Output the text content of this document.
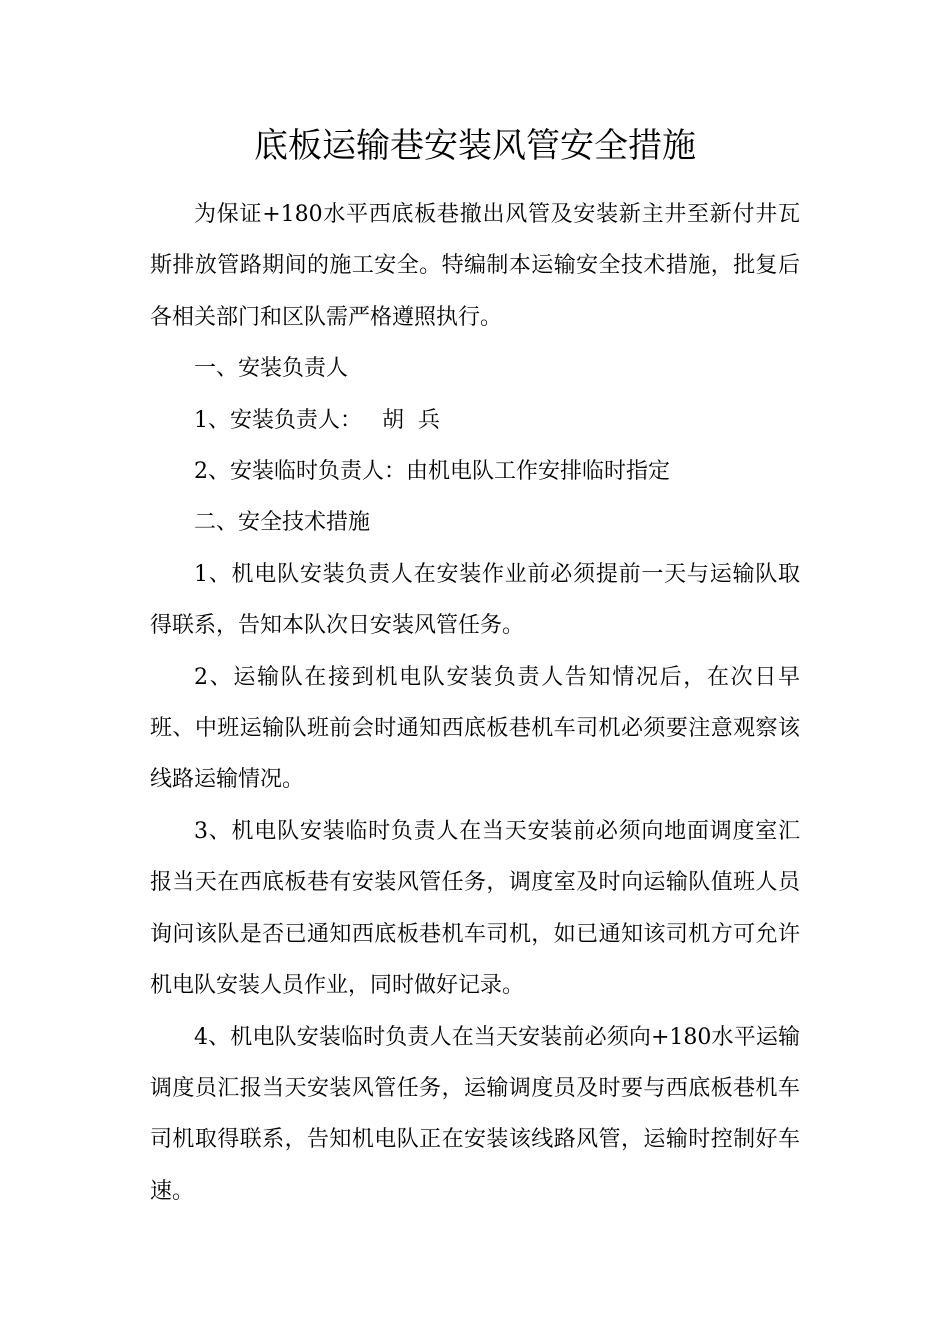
底板运输巷安装风管安全措施

为保证+180水平西底板巷撤出风管及安装新主井至新付井瓦斯排放管路期间的施工安全。特编制本运输安全技术措施，批复后各相关部门和区队需严格遵照执行。

一、安装负责人

1、安装负责人： 胡  兵

2、安装临时负责人：由机电队工作安排临时指定

二、安全技术措施

1、机电队安装负责人在安装作业前必须提前一天与运输队取得联系，告知本队次日安装风管任务。

2、运输队在接到机电队安装负责人告知情况后，在次日早班、中班运输队班前会时通知西底板巷机车司机必须要注意观察该线路运输情况。

3、机电队安装临时负责人在当天安装前必须向地面调度室汇报当天在西底板巷有安装风管任务，调度室及时向运输队值班人员询问该队是否已通知西底板巷机车司机，如已通知该司机方可允许机电队安装人员作业，同时做好记录。

4、机电队安装临时负责人在当天安装前必须向+180水平运输调度员汇报当天安装风管任务，运输调度员及时要与西底板巷机车司机取得联系，告知机电队正在安装该线路风管，运输时控制好车速。
